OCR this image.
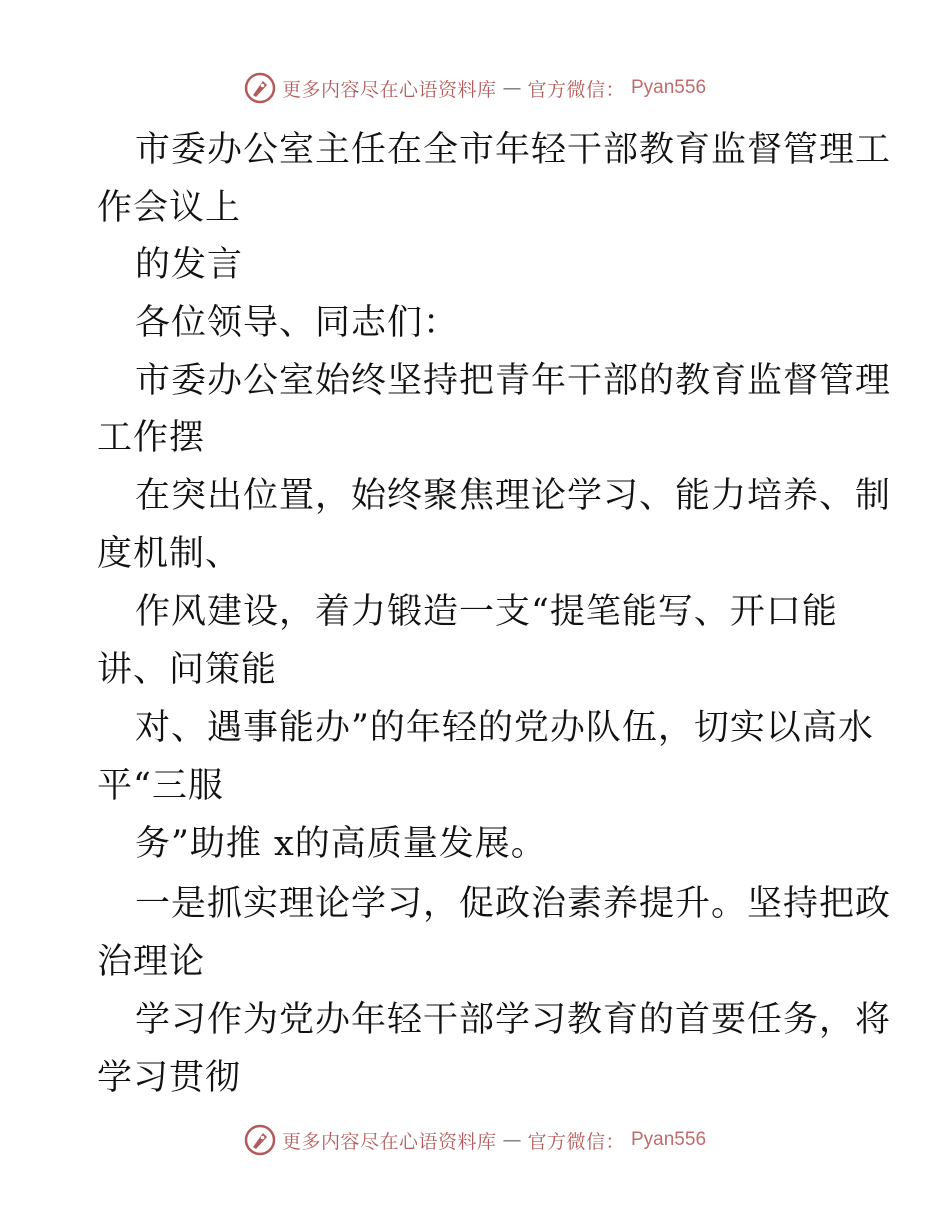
更多内容尽在心语资料库 — 官方微信： Pyan556
市委办公室主任在全市年轻干部教育监督管理工
作会议上
的发言
各位领导、同志们：
市委办公室始终坚持把青年干部的教育监督管理
工作摆
在突出位置，始终聚焦理论学习、能力培养、制
度机制、
作风建设，着力锻造一支“提笔能写、开口能
讲、问策能
对、遇事能办”的年轻的党办队伍，切实以高水
平“三服
务”助推 x的高质量发展。
一是抓实理论学习，促政治素养提升。坚持把政
治理论
学习作为党办年轻干部学习教育的首要任务，将
学习贯彻
更多内容尽在心语资料库 — 官方微信： Pyan556
